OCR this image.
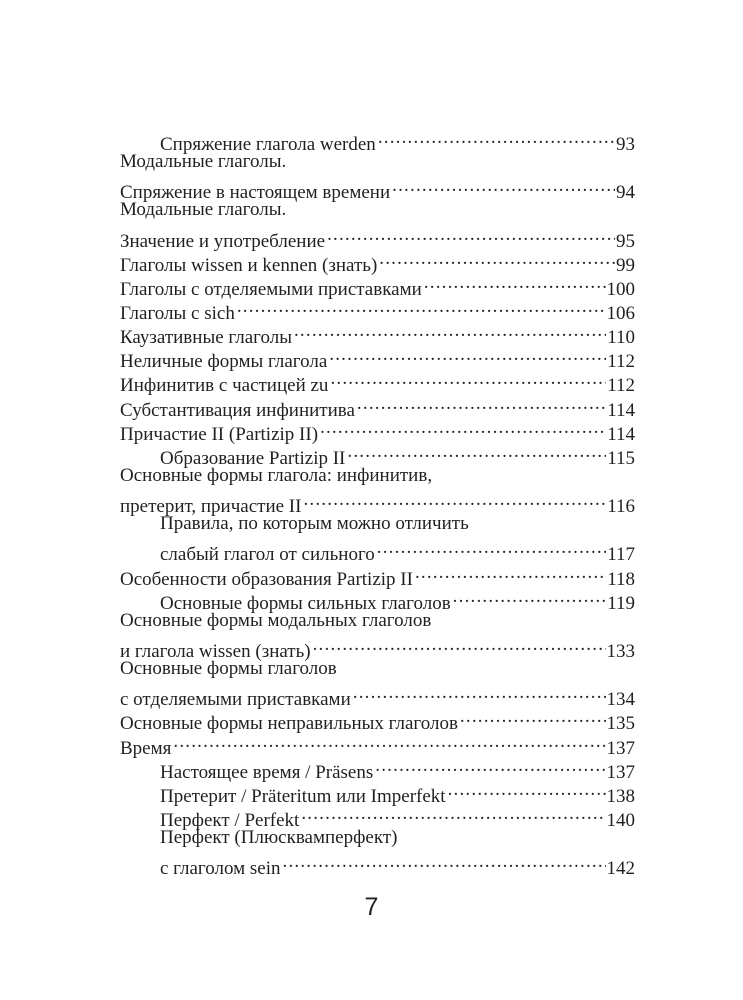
Спряжение глагола werden .....	93
Модальные глаголы.
Спряжение в настоящем времени .....	94
Модальные глаголы.
Значение и употребление .....	95
Глаголы wissen и kennen (знать) .....	99
Глаголы с отделяемыми приставками .....	100
Глаголы с sich .....	106
Каузативные глаголы .....	110
Неличные формы глагола .....	112
Инфинитив с частицей zu .....	112
Субстантивация инфинитива .....	114
Причастие II (Partizip II) .....	114
Образование Partizip II .....	115
Основные формы глагола: инфинитив,
претерит, причастие II .....	116
Правила, по которым можно отличить
слабый глагол от сильного .....	117
Особенности образования Partizip II .....	118
Основные формы сильных глаголов .....	119
Основные формы модальных глаголов
и глагола wissen (знать) .....	133
Основные формы глаголов
с отделяемыми приставками .....	134
Основные формы неправильных глаголов .....	135
Время .....	137
Настоящее время / Präsens .....	137
Претерит / Präteritum или Imperfekt .....	138
Перфект / Perfekt .....	140
Перфект (Плюсквамперфект)
с глаголом sein .....	142
7
